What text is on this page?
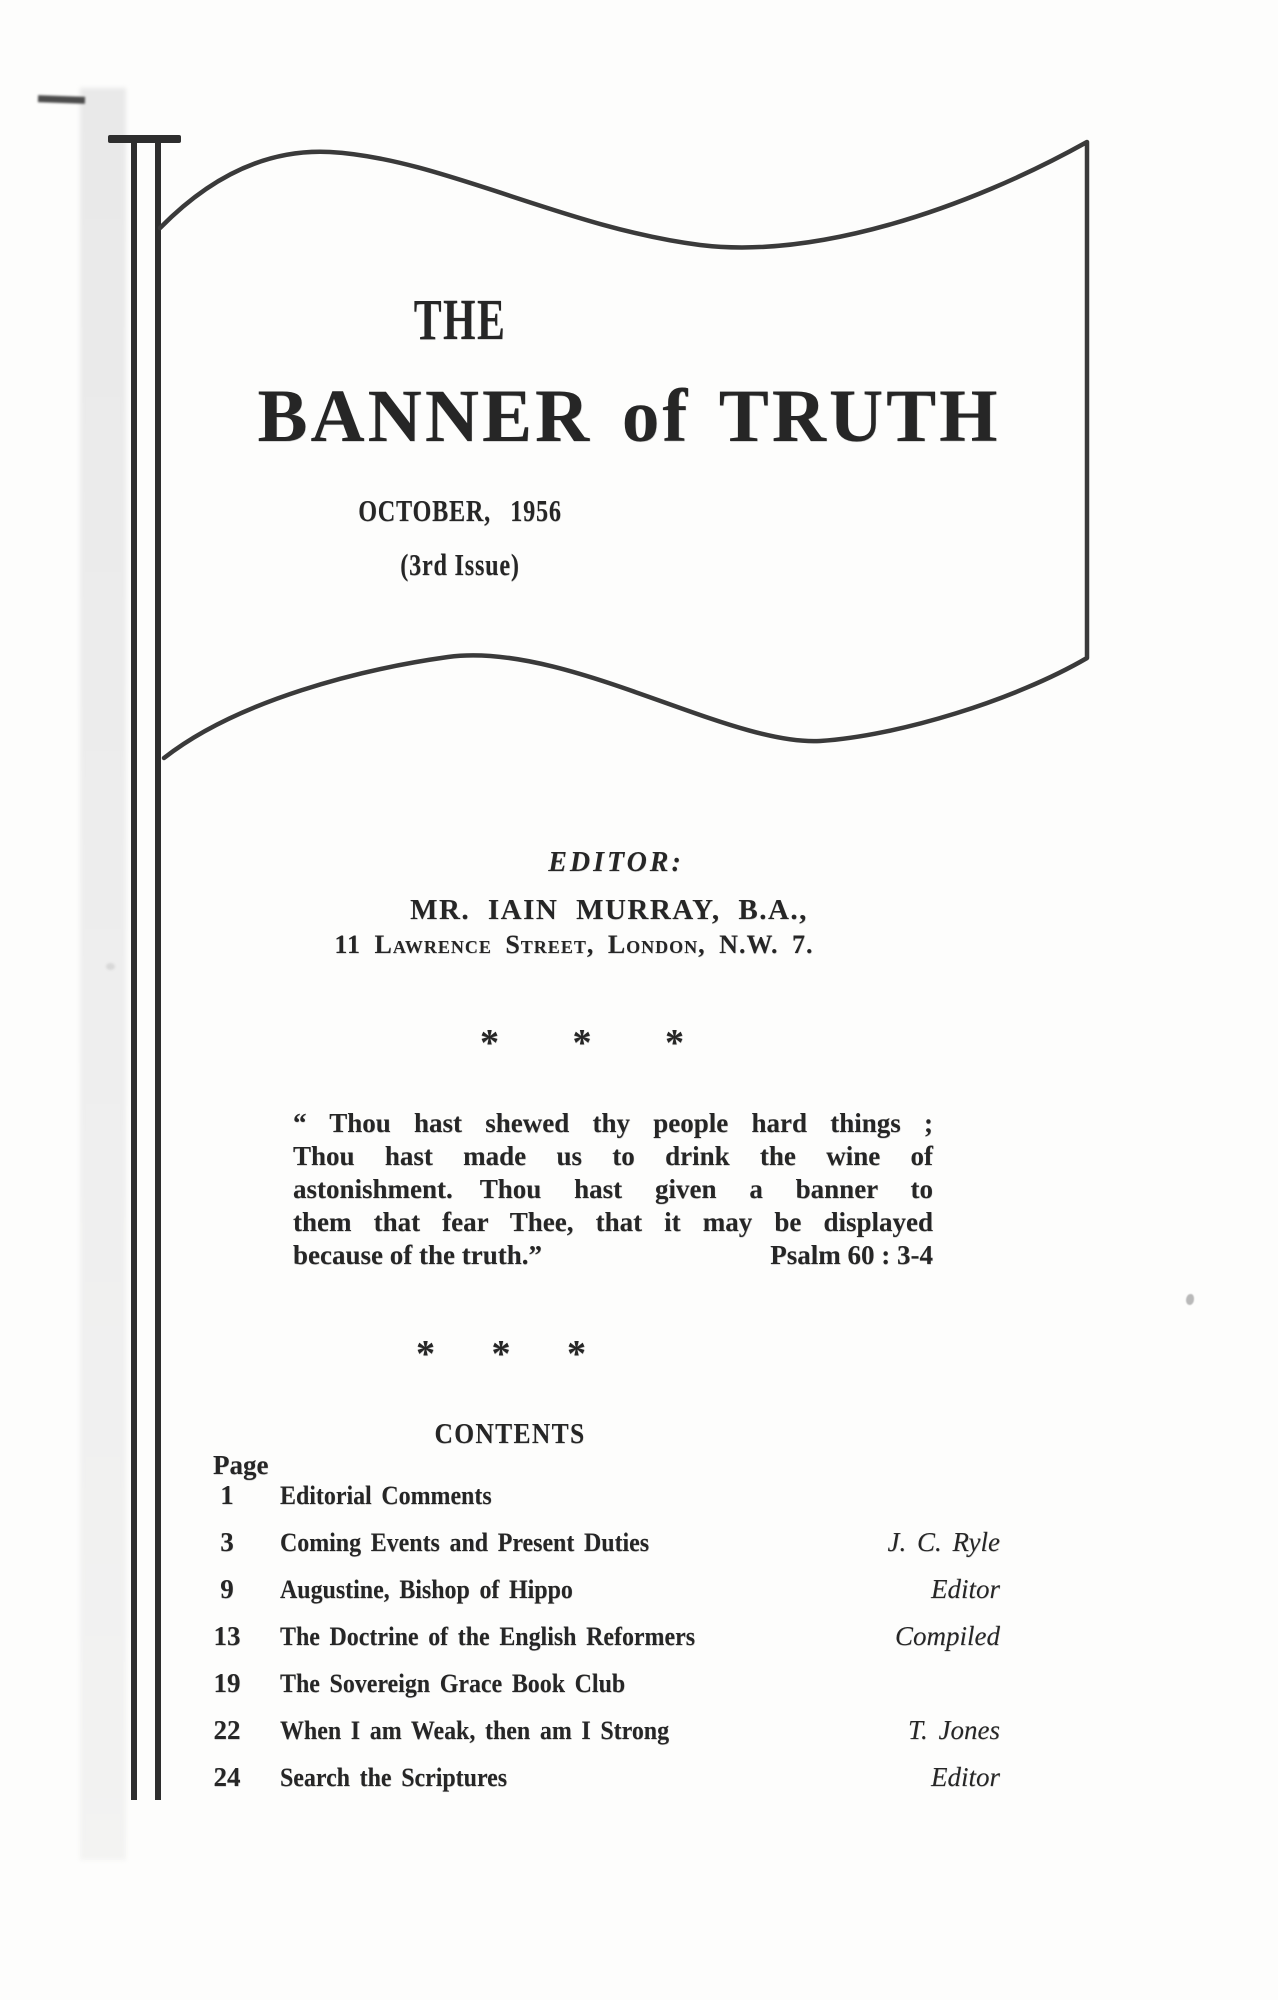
THE
BANNER of TRUTH
OCTOBER, 1956
(3rd Issue)
EDITOR:
MR. IAIN MURRAY, B.A.,
11 Lawrence Street, London, N.W. 7.
* * *
“ Thou hast shewed thy people hard things ;
Thou hast made us to drink the wine of
astonishment.  Thou hast given a banner to
them that fear Thee, that it may be displayed
because of the truth.”	Psalm 60 : 3-4
* * *
CONTENTS
Page
1 Editorial Comments
3 Coming Events and Present Duties	J. C. Ryle
9 Augustine, Bishop of Hippo	Editor
13 The Doctrine of the English Reformers	Compiled
19 The Sovereign Grace Book Club
22 When I am Weak, then am I Strong	T. Jones
24 Search the Scriptures	Editor
